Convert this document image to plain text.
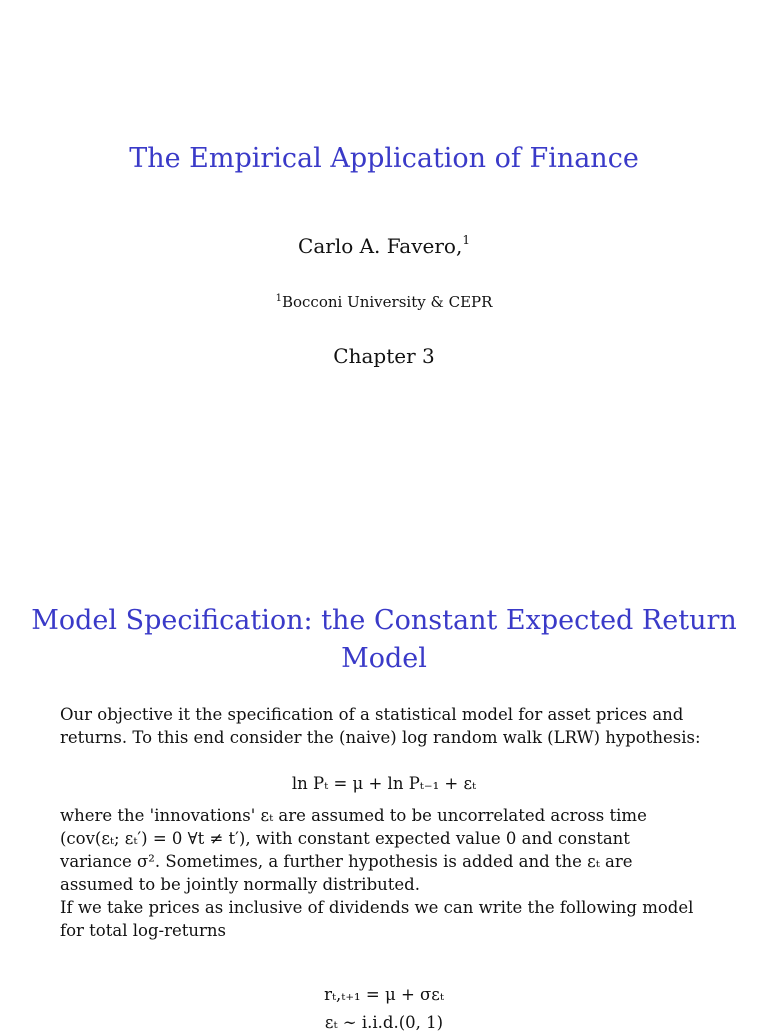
The Empirical Application of Finance

Carlo A. Favero,$^1$

$^1$Bocconi University & CEPR

Chapter 3

Model Specification: the Constant Expected Return Model

Our objective it the specification of a statistical model for asset prices and returns. To this end consider the (naive) log random walk (LRW) hypothesis:

ln Pₜ = μ + ln Pₜ₋₁ + εₜ

where the 'innovations' εₜ are assumed to be uncorrelated across time
(cov(εₜ; εₜ′) = 0 ∀t ≠ t′), with constant expected value 0 and constant
variance σ². Sometimes, a further hypothesis is added and the εₜ are
assumed to be jointly normally distributed.
If we take prices as inclusive of dividends we can write the following model for total log-returns

rₜ,ₜ₊₁ = μ + σεₜ

εₜ ∼ i.i.d.(0, 1)
